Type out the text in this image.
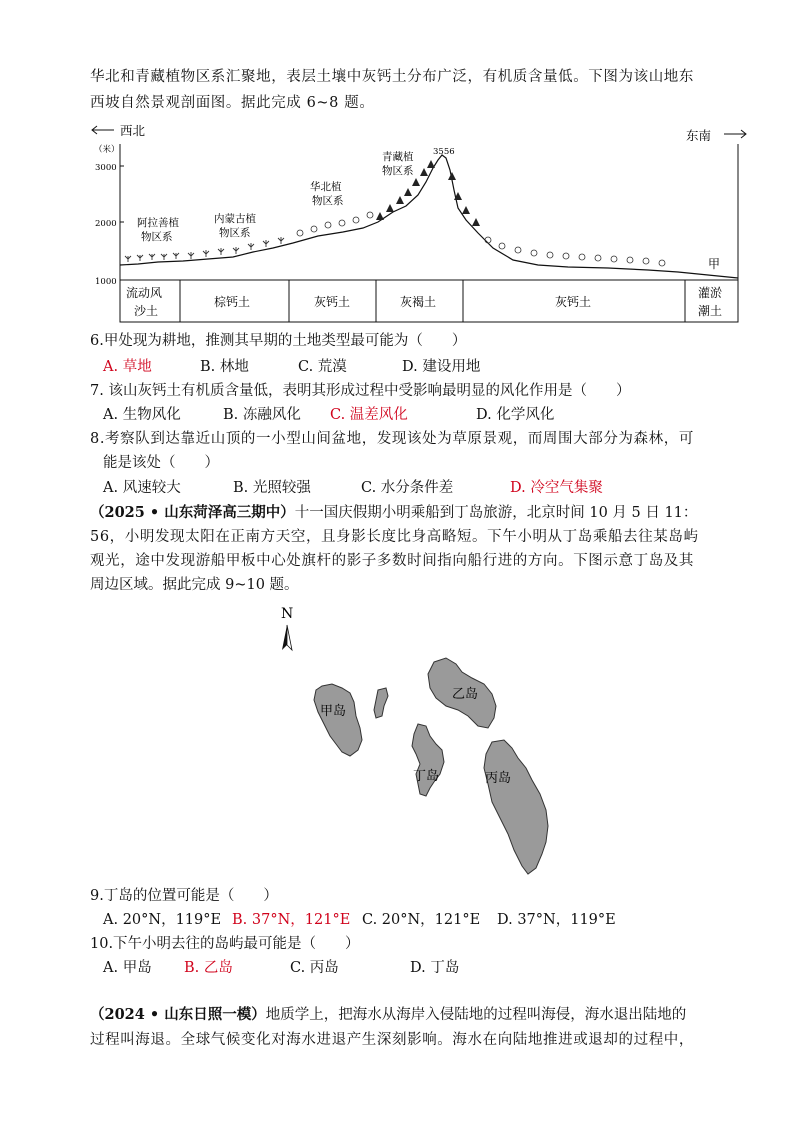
华北和青藏植物区系汇聚地，表层土壤中灰钙土分布广泛，有机质含量低。下图为该山地东
西坡自然景观剖面图。据此完成 6~8 题。
西北	东南
（米）
3000
2000
1000
3556
阿拉善植
物区系
内蒙古植
物区系
华北植
物区系
青藏植
物区系
甲
流动风
沙土
棕钙土	灰钙土	灰褐土	灰钙土
灌淤
潮土
6.甲处现为耕地，推测其早期的土地类型最可能为（　　）
A. 草地	B. 林地	C. 荒漠	D. 建设用地
7. 该山灰钙土有机质含量低，表明其形成过程中受影响最明显的风化作用是（　　）
A. 生物风化	B. 冻融风化 C. 温差风化	D. 化学风化
8.考察队到达靠近山顶的一小型山间盆地，发现该处为草原景观，而周围大部分为森林，可
能是该处（　　）
A. 风速较大	B. 光照较强	C. 水分条件差	D. 冷空气集聚
（2025 • 山东菏泽高三期中）十一国庆假期小明乘船到丁岛旅游，北京时间 10 月 5 日 11：
56，小明发现太阳在正南方天空，且身影长度比身高略短。下午小明从丁岛乘船去往某岛屿
观光，途中发现游船甲板中心处旗杆的影子多数时间指向船行进的方向。下图示意丁岛及其
周边区域。据此完成 9~10 题。
N
甲岛
乙岛
丁岛	丙岛
9.丁岛的位置可能是（　　）
A. 20°N，119°E B. 37°N，121°E C. 20°N，121°E D. 37°N，119°E
10.下午小明去往的岛屿最可能是（　　）
A. 甲岛 B. 乙岛	C. 丙岛	D. 丁岛
（2024 • 山东日照一模）地质学上，把海水从海岸入侵陆地的过程叫海侵，海水退出陆地的
过程叫海退。全球气候变化对海水进退产生深刻影响。海水在向陆地推进或退却的过程中，
